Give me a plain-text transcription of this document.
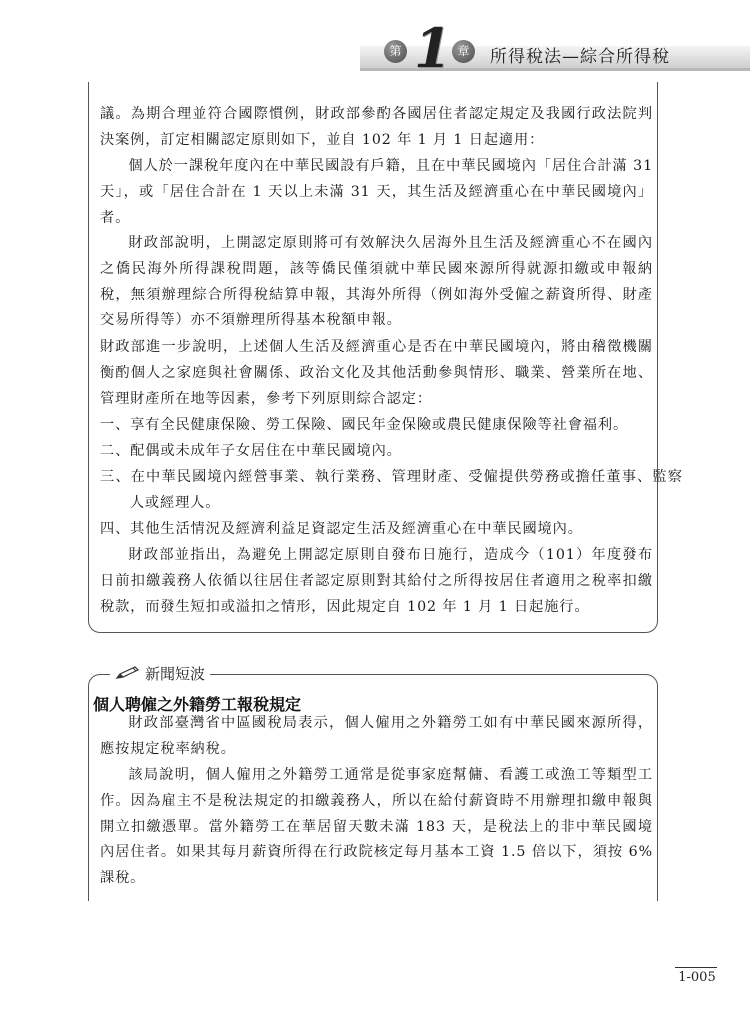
第 1 章	所得稅法—綜合所得稅

議。為期合理並符合國際慣例，財政部參酌各國居住者認定規定及我國行政法院判決案例，訂定相關認定原則如下，並自 102 年 1 月 1 日起適用：

個人於一課稅年度內在中華民國設有戶籍，且在中華民國境內「居住合計滿 31 天」，或「居住合計在 1 天以上未滿 31 天，其生活及經濟重心在中華民國境內」者。

財政部說明，上開認定原則將可有效解決久居海外且生活及經濟重心不在國內之僑民海外所得課稅問題，該等僑民僅須就中華民國來源所得就源扣繳或申報納稅，無須辦理綜合所得稅結算申報，其海外所得（例如海外受僱之薪資所得、財產交易所得等）亦不須辦理所得基本稅額申報。

財政部進一步說明，上述個人生活及經濟重心是否在中華民國境內，將由稽徵機關衡酌個人之家庭與社會關係、政治文化及其他活動參與情形、職業、營業所在地、管理財產所在地等因素，參考下列原則綜合認定：

一、享有全民健康保險、勞工保險、國民年金保險或農民健康保險等社會福利。

二、配偶或未成年子女居住在中華民國境內。

三、在中華民國境內經營事業、執行業務、管理財產、受僱提供勞務或擔任董事、監察人或經理人。

四、其他生活情況及經濟利益足資認定生活及經濟重心在中華民國境內。

財政部並指出，為避免上開認定原則自發布日施行，造成今（101）年度發布日前扣繳義務人依循以往居住者認定原則對其給付之所得按居住者適用之稅率扣繳稅款，而發生短扣或溢扣之情形，因此規定自 102 年 1 月 1 日起施行。

新聞短波
個人聘僱之外籍勞工報稅規定

財政部臺灣省中區國稅局表示，個人僱用之外籍勞工如有中華民國來源所得，應按規定稅率納稅。

該局說明，個人僱用之外籍勞工通常是從事家庭幫傭、看護工或漁工等類型工作。因為雇主不是稅法規定的扣繳義務人，所以在給付薪資時不用辦理扣繳申報與開立扣繳憑單。當外籍勞工在華居留天數未滿 183 天，是稅法上的非中華民國境內居住者。如果其每月薪資所得在行政院核定每月基本工資 1.5 倍以下，須按 6%課稅。

1-005
